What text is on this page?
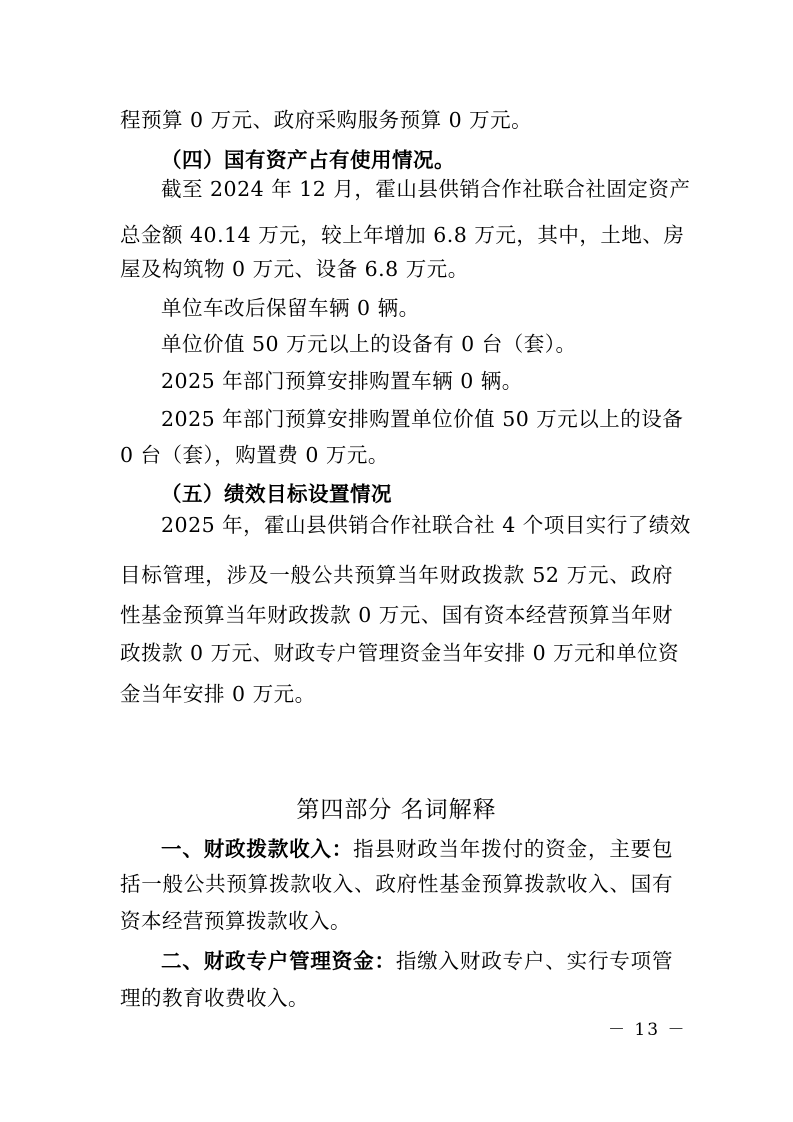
程预算 0 万元、政府采购服务预算 0 万元。
（四）国有资产占有使用情况。
截至 2024 年 12 月，霍山县供销合作社联合社固定资产
总金额 40.14 万元，较上年增加 6.8 万元，其中，土地、房
屋及构筑物 0 万元、设备 6.8 万元。
单位车改后保留车辆 0 辆。
单位价值 50 万元以上的设备有 0 台（套）。
2025 年部门预算安排购置车辆 0 辆。
2025 年部门预算安排购置单位价值 50 万元以上的设备
0 台（套），购置费 0 万元。
（五）绩效目标设置情况
2025 年，霍山县供销合作社联合社 4 个项目实行了绩效
目标管理，涉及一般公共预算当年财政拨款 52 万元、政府
性基金预算当年财政拨款 0 万元、国有资本经营预算当年财
政拨款 0 万元、财政专户管理资金当年安排 0 万元和单位资
金当年安排 0 万元。
第四部分 名词解释
一、财政拨款收入：指县财政当年拨付的资金，主要包
括一般公共预算拨款收入、政府性基金预算拨款收入、国有
资本经营预算拨款收入。
二、财政专户管理资金：指缴入财政专户、实行专项管
理的教育收费收入。
－ 13 －
